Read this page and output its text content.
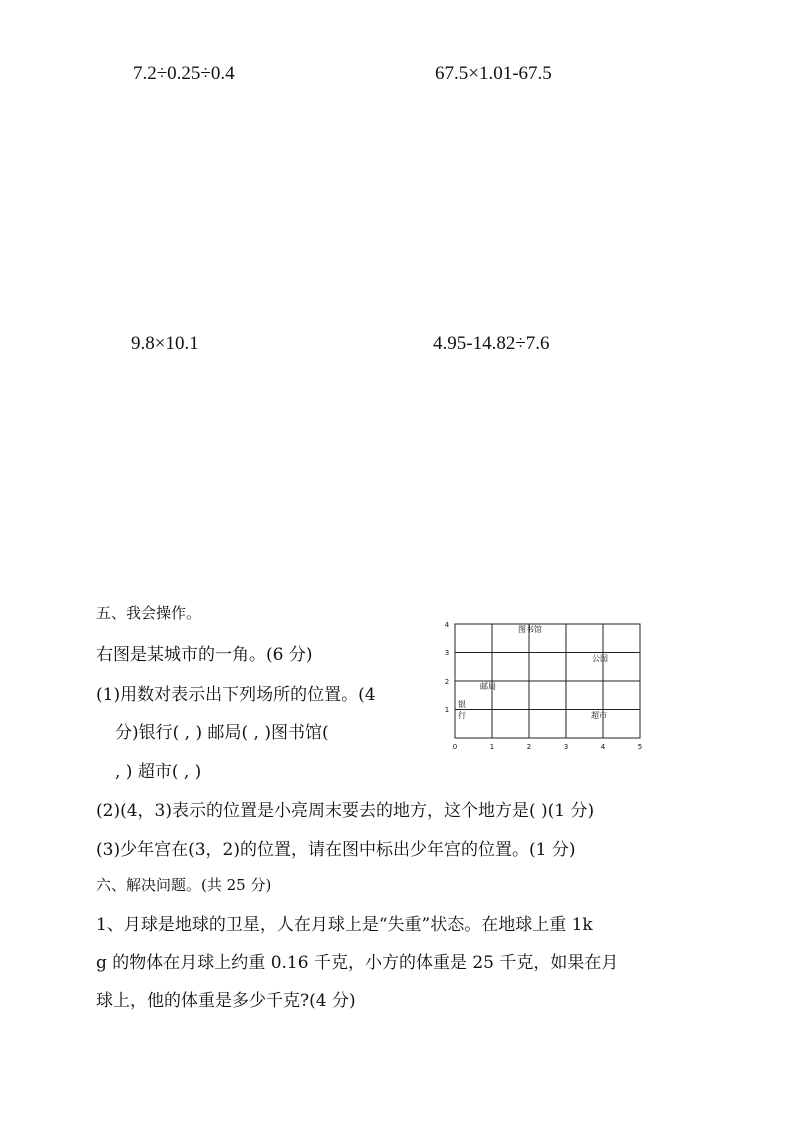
7.2÷0.25÷0.4	67.5×1.01-67.5
9.8×10.1	4.95-14.82÷7.6
五、我会操作。
右图是某城市的一角。(6 分)
(1)用数对表示出下列场所的位置。(4
分)银行( , ) 邮局( , )图书馆(
, ) 超市( , )
(2)(4，3)表示的位置是小亮周末要去的地方，这个地方是( )(1 分)
(3)少年宫在(3，2)的位置，请在图中标出少年宫的位置。(1 分)
0	1	2	3	4	5
1
2
3
4	图书馆
公园
邮局
银
行	超市
六、解决问题。(共 25 分)
1、月球是地球的卫星，人在月球上是“失重”状态。在地球上重 1k
g 的物体在月球上约重 0.16 千克，小方的体重是 25 千克，如果在月
球上，他的体重是多少千克?(4 分)
